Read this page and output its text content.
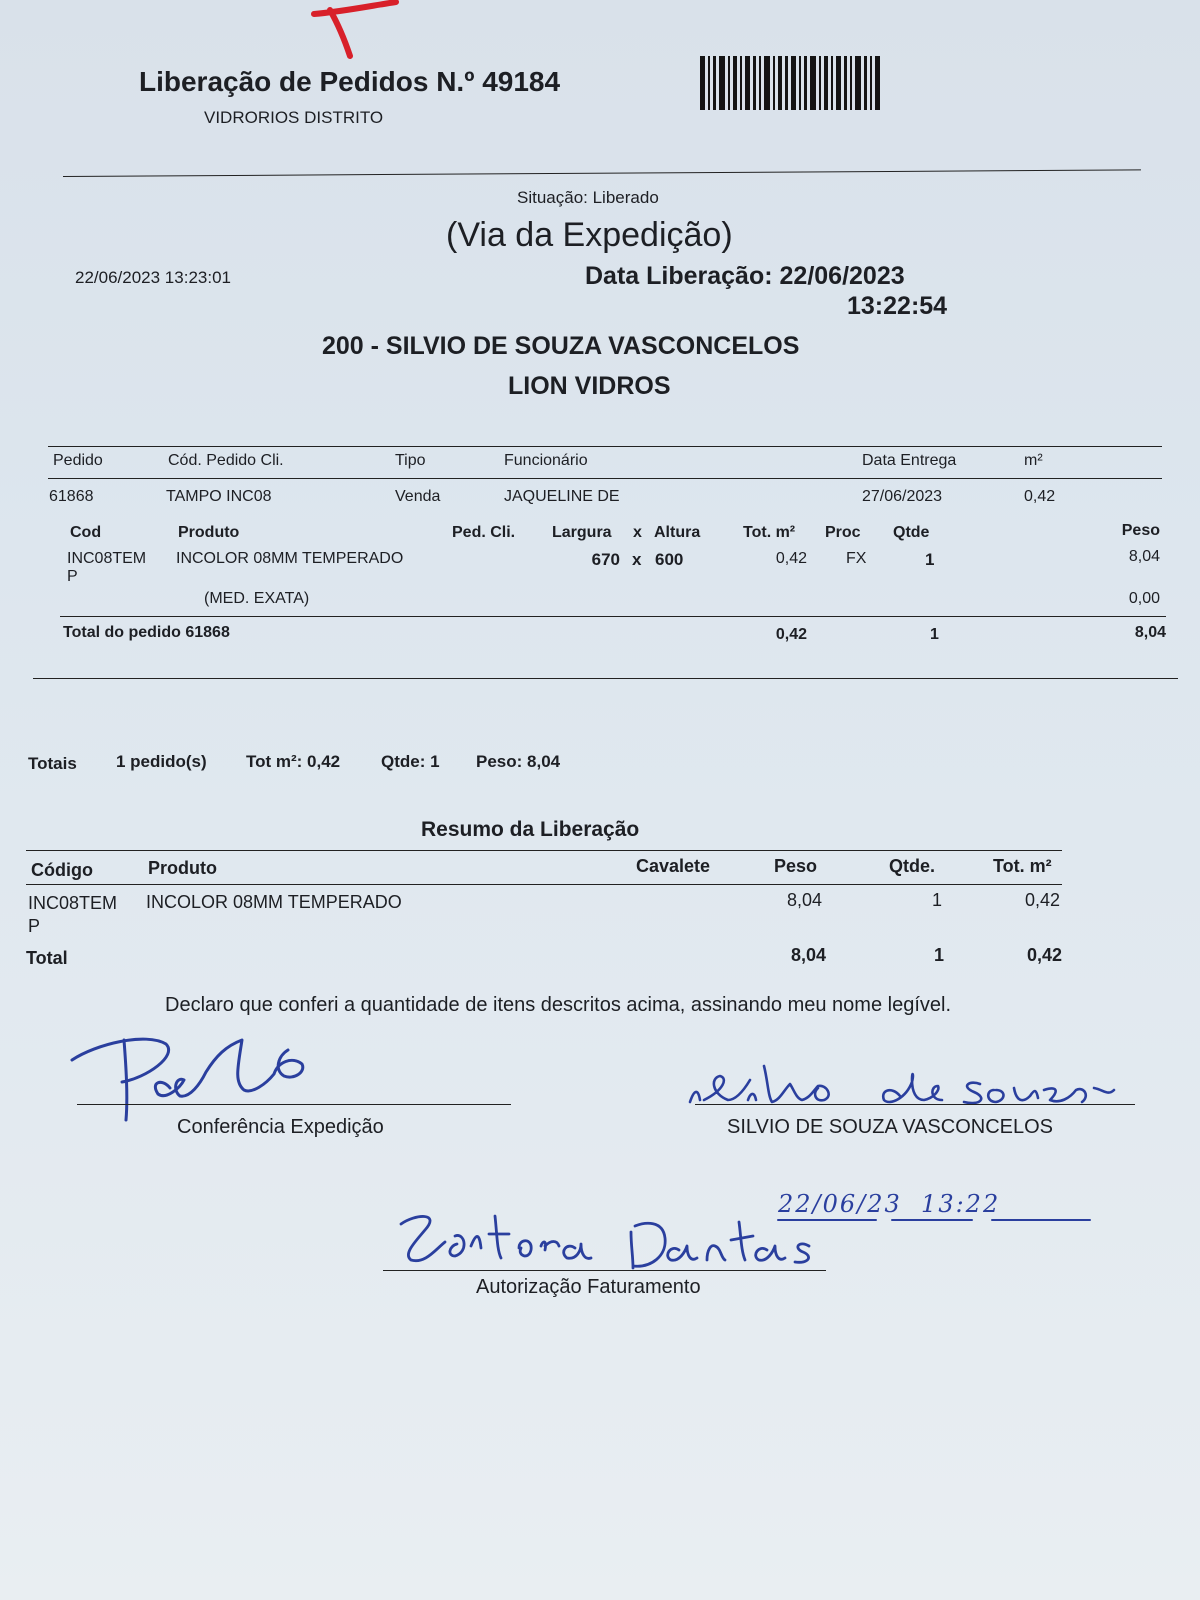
Liberação de Pedidos N.º 49184
VIDRORIOS DISTRITO
Situação: Liberado
(Via da Expedição)
22/06/2023 13:23:01	Data Liberação: 22/06/2023
13:22:54
200 - SILVIO DE SOUZA VASCONCELOS
LION VIDROS
Pedido	Cód. Pedido Cli.	Tipo	Funcionário	Data Entrega	m²
61868	TAMPO INC08	Venda	JAQUELINE DE	27/06/2023	0,42
Cod	Produto	Ped. Cli. Largura x Altura	Tot. m² Proc Qtde	Peso
INC08TEM
P
INCOLOR 08MM TEMPERADO	670 x 600	0,42 FX	1	8,04
(MED. EXATA)	0,00
Total do pedido 61868	0,42	1	8,04
Totais 1 pedido(s) Tot m²: 0,42 Qtde: 1 Peso: 8,04
Resumo da Liberação
Código	Produto	Cavalete	Peso	Qtde.	Tot. m²
INC08TEM
P
INCOLOR 08MM TEMPERADO	8,04	1	0,42
Total	8,04	1	0,42
Declaro que conferi a quantidade de itens descritos acima, assinando meu nome legível.
Conferência Expedição	SILVIO DE SOUZA VASCONCELOS
22/06/23  13:22
Autorização Faturamento
